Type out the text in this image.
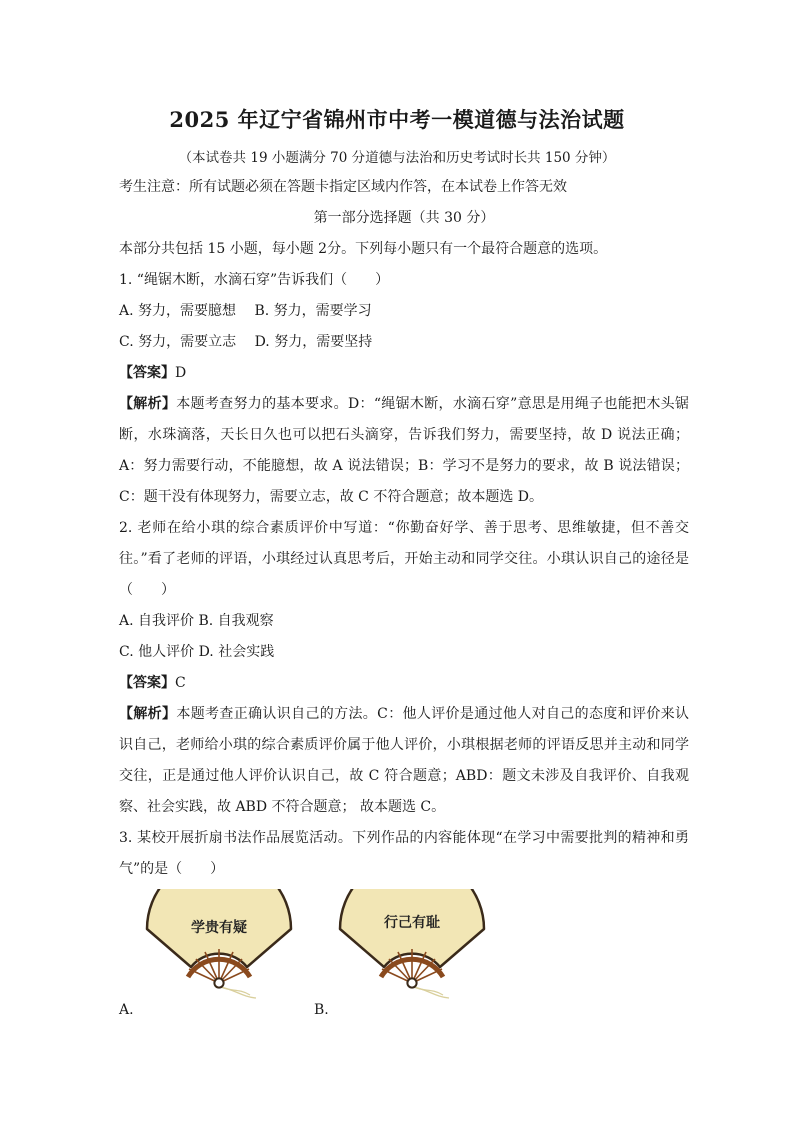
2025 年辽宁省锦州市中考一模道德与法治试题
（本试卷共 19 小题满分 70 分道德与法治和历史考试时长共 150 分钟）

考生注意：所有试题必须在答题卡指定区域内作答，在本试卷上作答无效

第一部分选择题（共 30 分）

本部分共包括 15 小题，每小题 2分。下列每小题只有一个最符合题意的选项。

1. “绳锯木断，水滴石穿”告诉我们（　　）

A. 努力，需要臆想　 B. 努力，需要学习

C. 努力，需要立志　 D. 努力，需要坚持

【答案】D

【解析】本题考查努力的基本要求。D：“绳锯木断，水滴石穿”意思是用绳子也能把木头锯断，水珠滴落，天长日久也可以把石头滴穿，告诉我们努力，需要坚持，故 D 说法正确；A：努力需要行动，不能臆想，故 A 说法错误；B：学习不是努力的要求，故 B 说法错误；C：题干没有体现努力，需要立志，故 C 不符合题意；故本题选 D。

2. 老师在给小琪的综合素质评价中写道：“你勤奋好学、善于思考、思维敏捷，但不善交往。”看了老师的评语，小琪经过认真思考后，开始主动和同学交往。小琪认识自己的途径是（　　）

A. 自我评价 B. 自我观察

C. 他人评价 D. 社会实践

【答案】C

【解析】本题考查正确认识自己的方法。C：他人评价是通过他人对自己的态度和评价来认识自己，老师给小琪的综合素质评价属于他人评价，小琪根据老师的评语反思并主动和同学交往，正是通过他人评价认识自己，故 C 符合题意；ABD：题文未涉及自我评价、自我观察、社会实践，故 ABD 不符合题意； 故本题选 C。

3. 某校开展折扇书法作品展览活动。下列作品的内容能体现“在学习中需要批判的精神和勇气”的是（　　）

学贵有疑	行己有耻
A.	B.
